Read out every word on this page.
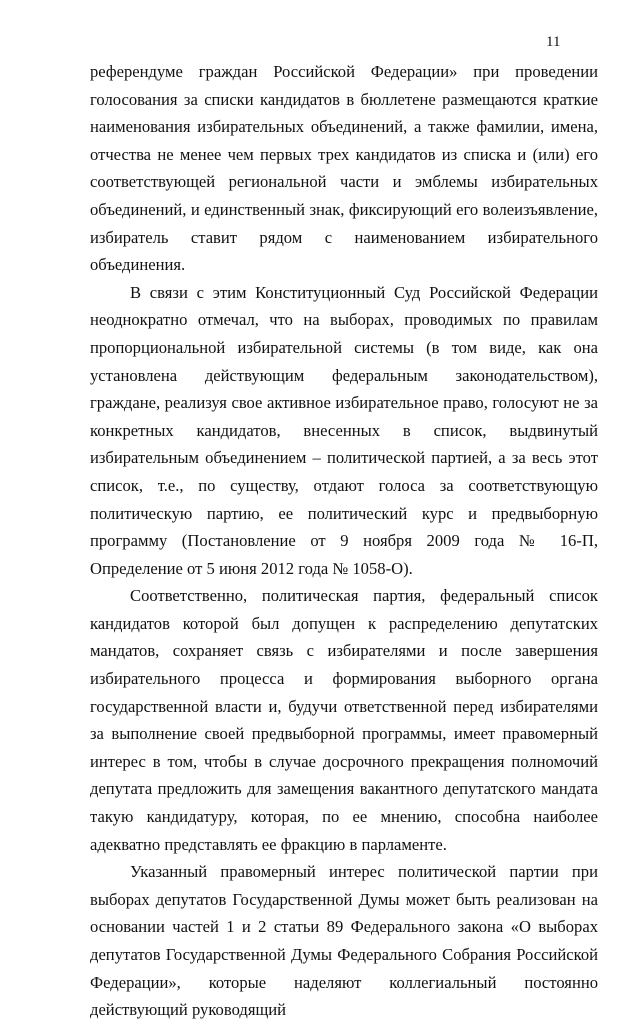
11

референдуме граждан Российской Федерации» при проведении голосования за списки кандидатов в бюллетене размещаются краткие наименования избирательных объединений, а также фамилии, имена, отчества не менее чем первых трех кандидатов из списка и (или) его соответствующей региональной части и эмблемы избирательных объединений, и единственный знак, фиксирующий его волеизъявление, избиратель ставит рядом с наименованием избирательного объединения.

В связи с этим Конституционный Суд Российской Федерации неоднократно отмечал, что на выборах, проводимых по правилам пропорциональной избирательной системы (в том виде, как она установлена действующим федеральным законодательством), граждане, реализуя свое активное избирательное право, голосуют не за конкретных кандидатов, внесенных в список, выдвинутый избирательным объединением – политической партией, а за весь этот список, т.е., по существу, отдают голоса за соответствующую политическую партию, ее политический курс и предвыборную программу (Постановление от 9 ноября 2009 года № 16-П, Определение от 5 июня 2012 года № 1058-О).

Соответственно, политическая партия, федеральный список кандидатов которой был допущен к распределению депутатских мандатов, сохраняет связь с избирателями и после завершения избирательного процесса и формирования выборного органа государственной власти и, будучи ответственной перед избирателями за выполнение своей предвыборной программы, имеет правомерный интерес в том, чтобы в случае досрочного прекращения полномочий депутата предложить для замещения вакантного депутатского мандата такую кандидатуру, которая, по ее мнению, способна наиболее адекватно представлять ее фракцию в парламенте.

Указанный правомерный интерес политической партии при выборах депутатов Государственной Думы может быть реализован на основании частей 1 и 2 статьи 89 Федерального закона «О выборах депутатов Государственной Думы Федерального Собрания Российской Федерации», которые наделяют коллегиальный постоянно действующий руководящий
